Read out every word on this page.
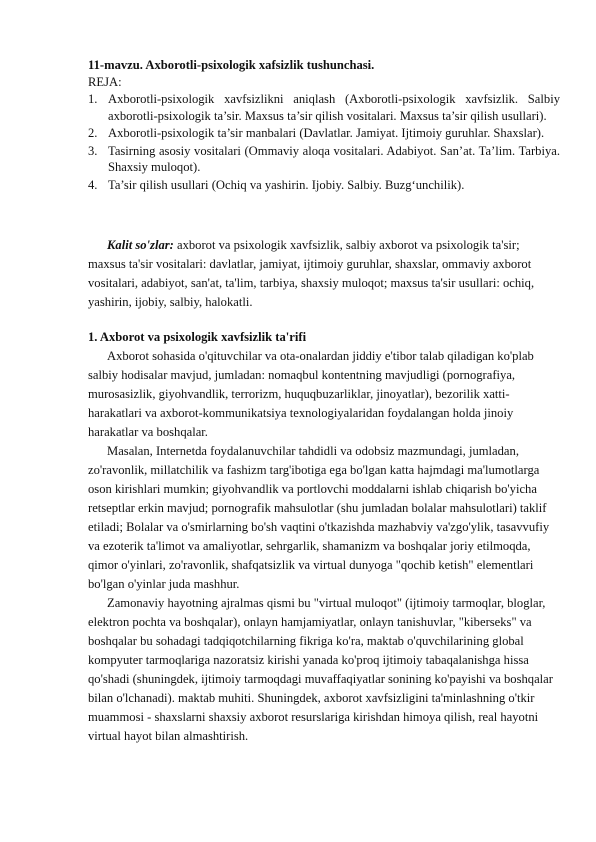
11-mavzu. Axborotli-psixologik xafsizlik tushunchasi.
REJA:
1. Axborotli-psixologik xavfsizlikni aniqlash (Axborotli-psixologik xavfsizlik. Salbiy axborotli-psixologik ta’sir. Maxsus ta’sir qilish vositalari. Maxsus ta’sir qilish usullari).
2. Axborotli-psixologik ta’sir manbalari (Davlatlar. Jamiyat. Ijtimoiy guruhlar. Shaxslar).
3. Tasirning asosiy vositalari (Ommaviy aloqa vositalari. Adabiyot. San’at. Ta’lim. Tarbiya. Shaxsiy muloqot).
4. Ta’sir qilish usullari (Ochiq va yashirin. Ijobiy. Salbiy. Buzg‘unchilik).

Kalit so'zlar: axborot va psixologik xavfsizlik, salbiy axborot va psixologik ta'sir; maxsus ta'sir vositalari: davlatlar, jamiyat, ijtimoiy guruhlar, shaxslar, ommaviy axborot vositalari, adabiyot, san'at, ta'lim, tarbiya, shaxsiy muloqot; maxsus ta'sir usullari: ochiq, yashirin, ijobiy, salbiy, halokatli.

1. Axborot va psixologik xavfsizlik ta'rifi

Axborot sohasida o'qituvchilar va ota-onalardan jiddiy e'tibor talab qiladigan ko'plab salbiy hodisalar mavjud, jumladan: nomaqbul kontentning mavjudligi (pornografiya, murosasizlik, giyohvandlik, terrorizm, huquqbuzarliklar, jinoyatlar), bezorilik xatti-harakatlari va axborot-kommunikatsiya texnologiyalaridan foydalangan holda jinoiy harakatlar va boshqalar.

Masalan, Internetda foydalanuvchilar tahdidli va odobsiz mazmundagi, jumladan, zo'ravonlik, millatchilik va fashizm targ'ibotiga ega bo'lgan katta hajmdagi ma'lumotlarga oson kirishlari mumkin; giyohvandlik va portlovchi moddalarni ishlab chiqarish bo'yicha retseptlar erkin mavjud; pornografik mahsulotlar (shu jumladan bolalar mahsulotlari) taklif etiladi; Bolalar va o'smirlarning bo'sh vaqtini o'tkazishda mazhabviy va'zgo'ylik, tasavvufiy va ezoterik ta'limot va amaliyotlar, sehrgarlik, shamanizm va boshqalar joriy etilmoqda, qimor o'yinlari, zo'ravonlik, shafqatsizlik va virtual dunyoga "qochib ketish" elementlari bo'lgan o'yinlar juda mashhur.

Zamonaviy hayotning ajralmas qismi bu "virtual muloqot" (ijtimoiy tarmoqlar, bloglar, elektron pochta va boshqalar), onlayn hamjamiyatlar, onlayn tanishuvlar, "kiberseks" va boshqalar bu sohadagi tadqiqotchilarning fikriga ko'ra, maktab o'quvchilarining global kompyuter tarmoqlariga nazoratsiz kirishi yanada ko'proq ijtimoiy tabaqalanishga hissa qo'shadi (shuningdek, ijtimoiy tarmoqdagi muvaffaqiyatlar sonining ko'payishi va boshqalar bilan o'lchanadi). maktab muhiti. Shuningdek, axborot xavfsizligini ta'minlashning o'tkir muammosi - shaxslarni shaxsiy axborot resurslariga kirishdan himoya qilish, real hayotni virtual hayot bilan almashtirish.
